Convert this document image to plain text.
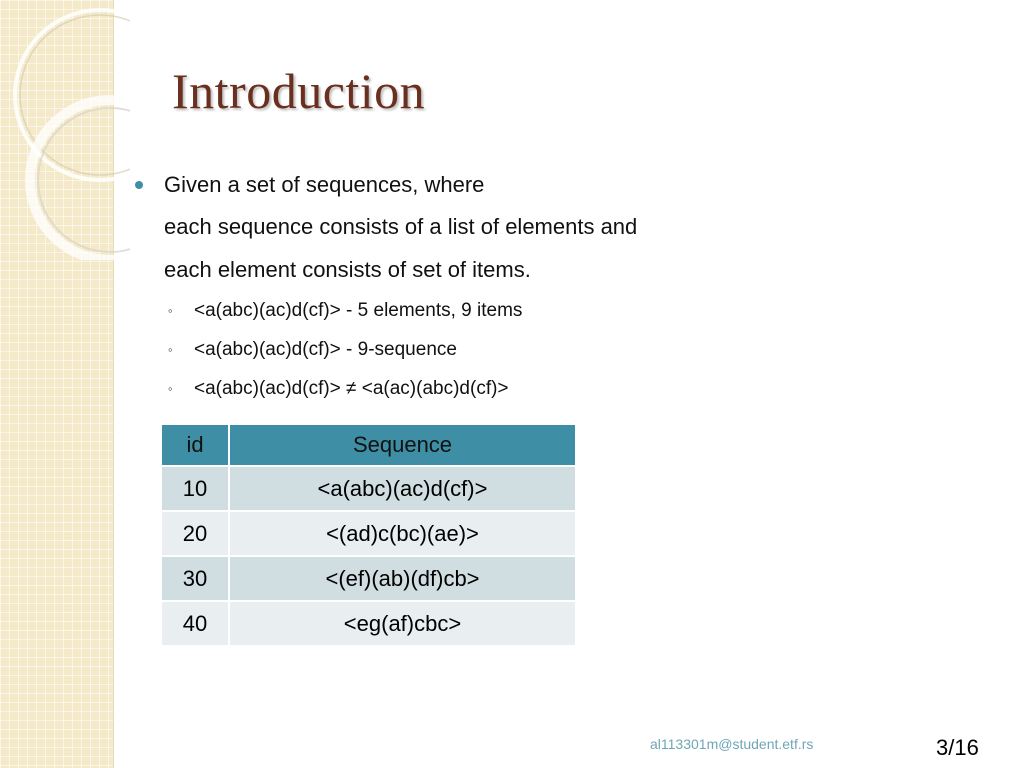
Introduction
Given a set of sequences, where
each sequence consists of a list of elements and
each element consists of set of items.
◦ <a(abc)(ac)d(cf)> - 5 elements, 9 items
◦ <a(abc)(ac)d(cf)> - 9-sequence
◦ <a(abc)(ac)d(cf)> ≠ <a(ac)(abc)d(cf)>
id	Sequence
10	<a(abc)(ac)d(cf)>
20	<(ad)c(bc)(ae)>
30	<(ef)(ab)(df)cb>
40	<eg(af)cbc>
al113301m@student.etf.rs	3/16
